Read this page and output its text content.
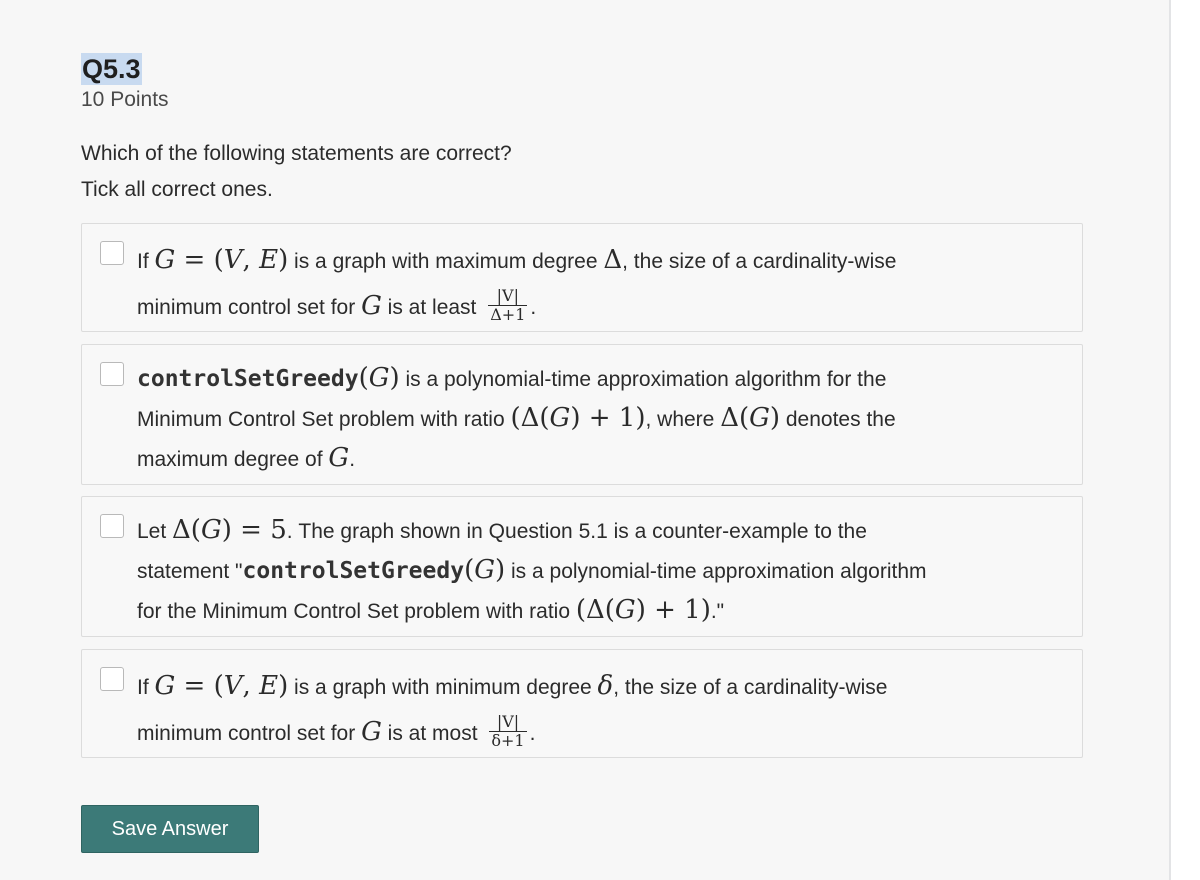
Q5.3
10 Points
Which of the following statements are correct?
Tick all correct ones.
If G = (V, E) is a graph with maximum degree Δ, the size of a cardinality-wise
minimum control set for G is at least $\frac{|V|}{\Delta+1}$ .
controlSetGreedy(G) is a polynomial-time approximation algorithm for the
Minimum Control Set problem with ratio (Δ(G) + 1), where Δ(G) denotes the
maximum degree of G.
Let Δ(G) = 5. The graph shown in Question 5.1 is a counter-example to the
statement "controlSetGreedy(G) is a polynomial-time approximation algorithm
for the Minimum Control Set problem with ratio (Δ(G) + 1)."
If G = (V, E) is a graph with minimum degree δ, the size of a cardinality-wise
minimum control set for G is at most $\frac{|V|}{\delta+1}$ .
Save Answer
